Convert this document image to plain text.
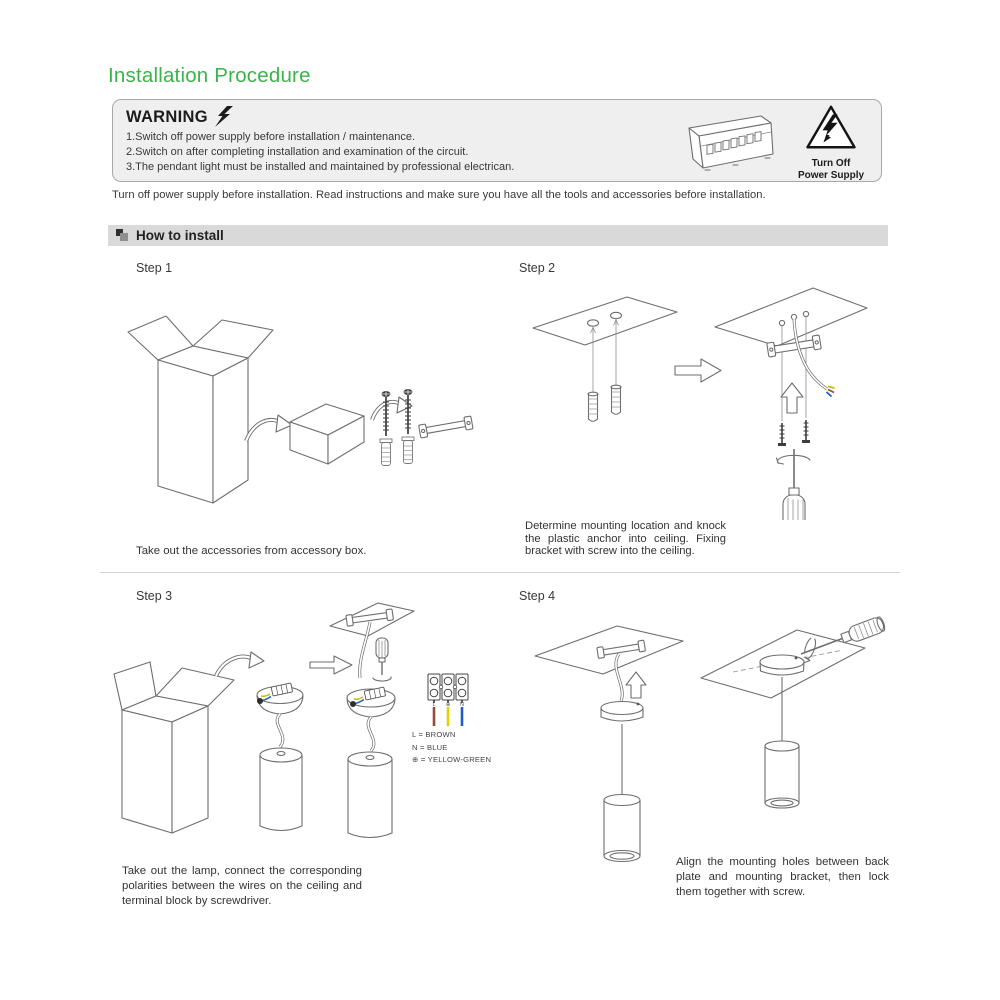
Installation Procedure
WARNING
1.Switch off power supply before installation / maintenance.
2.Switch on after completing installation and examination of the circuit.
3.The pendant light must be installed and maintained by professional electrican.	Turn Off
Power Supply
Turn off power supply before installation. Read instructions and make sure you have all the tools and accessories before installation.
How to install
Step 1	Step 2
Step 3	Step 4
Take out the accessories from accessory box.
Determine mounting location and knock the plastic anchor into ceiling. Fixing bracket with screw into the ceiling.
L ⊕ N
L = BROWN
N = BLUE
⊕ = YELLOW-GREEN
Take out the lamp, connect the corresponding polarities between the wires on the ceiling and terminal block by screwdriver.
Align the mounting holes between back plate and mounting bracket, then lock them together with screw.
